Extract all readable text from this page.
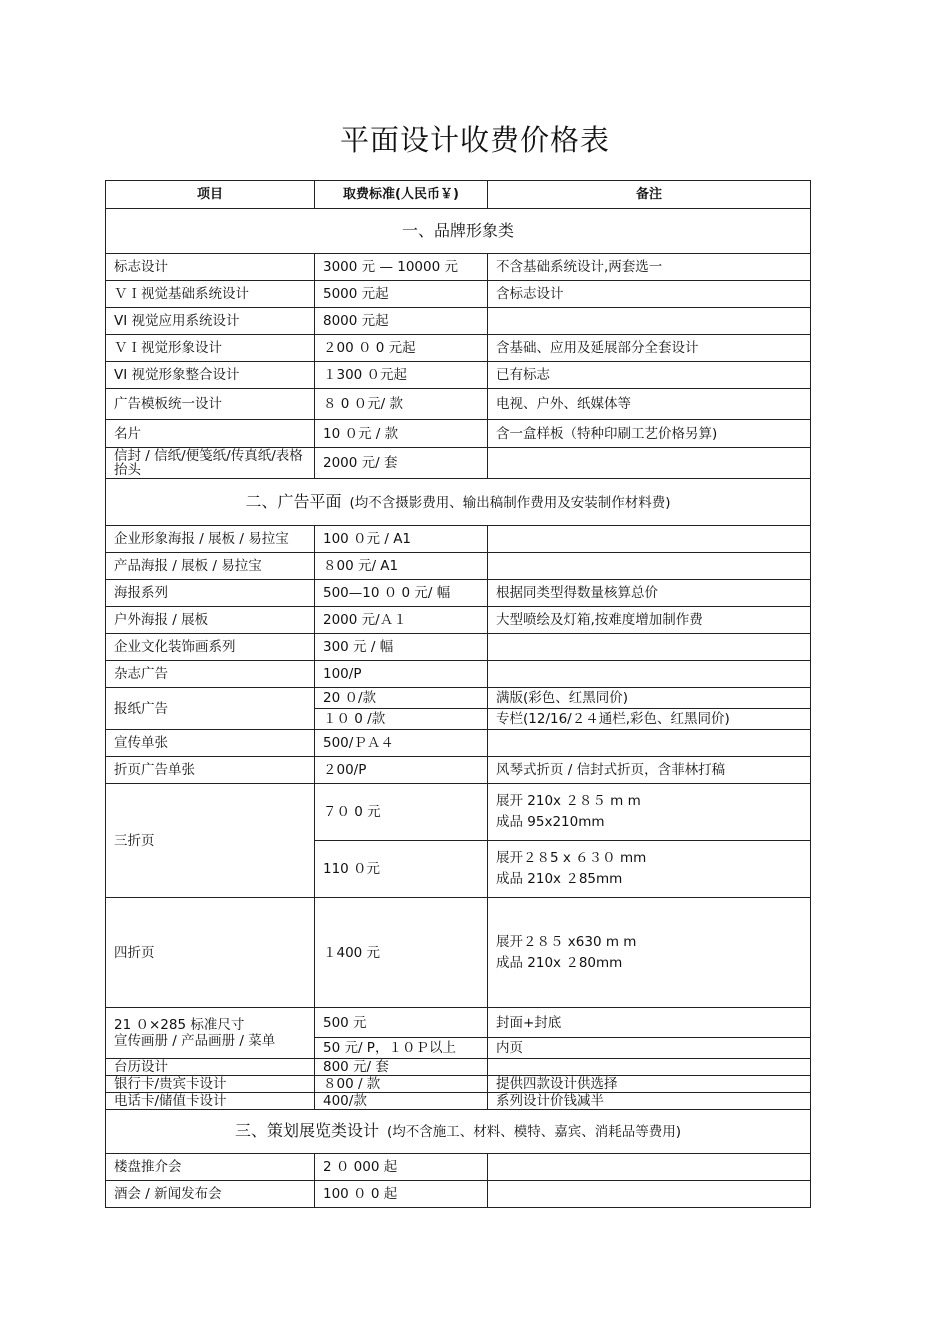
平面设计收费价格表
项目	取费标准(人民币￥)	备注
一、品牌形象类		
标志设计	3000 元 — 10000 元	不含基础系统设计,两套选一
ＶＩ视觉基础系统设计	5000 元起	含标志设计
VI 视觉应用系统设计	8000 元起	
ＶＩ视觉形象设计	２00 ０ 0 元起	含基础、应用及延展部分全套设计
VI 视觉形象整合设计	１300 ０元起	已有标志
广告模板统一设计	８ 0 ０元/ 款	电视、户外、纸媒体等
名片	10 ０元 / 款	含一盒样板（特种印刷工艺价格另算)
信封 / 信纸/便笺纸/传真纸/表格抬头	2000 元/ 套	
二、广告平面 (均不含摄影费用、输出稿制作费用及安装制作材料费)		
企业形象海报 / 展板 / 易拉宝	100 ０元 / A1	
产品海报 / 展板 / 易拉宝	８00 元/ A1	
海报系列	500—10 ０ 0 元/ 幅	根据同类型得数量核算总价
户外海报 / 展板	2000 元/Ａ１	大型喷绘及灯箱,按难度增加制作费
企业文化装饰画系列	300 元 / 幅	
杂志广告	100/P	
报纸广告	20 ０/款	满版(彩色、红黑同价)
	１０ 0 /款	专栏(12/16/２４通栏,彩色、红黑同价)
宣传单张	500/ＰＡ４	
折页广告单张	２00/P	风琴式折页 / 信封式折页，含菲林打稿
三折页	７０ 0 元	展开 210x ２８５ m m
成品 95x210mm

	110 ０元	展开２８5 x ６３０ mm
成品 210x ２85mm

四折页	１400 元	展开２８５ x630 m m
成品 210x ２80mm

21 ０×285 标准尺寸
宣传画册 / 产品画册 / 菜单	500 元	封面+封底
	50 元/ P，１０Ｐ以上	内页
台历设计	800 元/ 套	
银行卡/贵宾卡设计	８00 / 款	提供四款设计供选择
电话卡/储值卡设计	400/款	系列设计价钱减半
三、策划展览类设计 (均不含施工、材料、模特、嘉宾、消耗品等费用)		
楼盘推介会	2 ０ 000 起	
酒会 / 新闻发布会	100 ０ 0 起	
